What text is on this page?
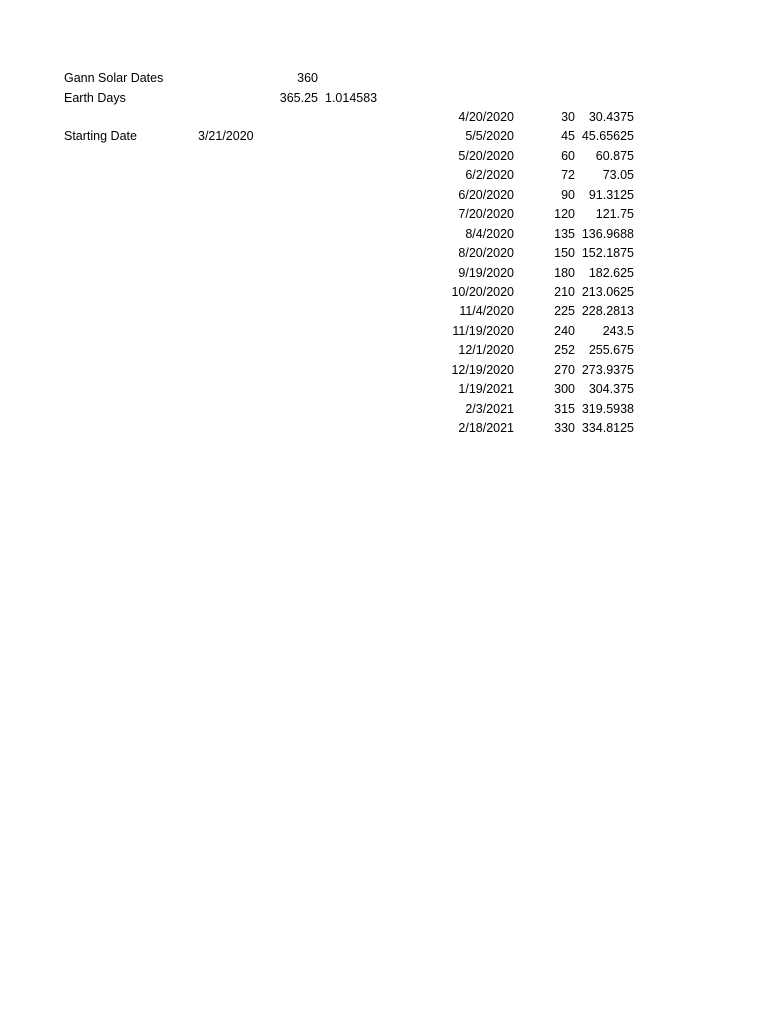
Gann Solar Dates	360
Earth Days	365.25 1.014583
Starting Date	3/21/2020
4/20/2020	30	30.4375
5/5/2020	45 45.65625
5/20/2020	60	60.875
6/2/2020	72	73.05
6/20/2020	90	91.3125
7/20/2020	120	121.75
8/4/2020	135 136.9688
8/20/2020	150 152.1875
9/19/2020	180	182.625
10/20/2020	210 213.0625
11/4/2020	225 228.2813
11/19/2020	240	243.5
12/1/2020	252	255.675
12/19/2020	270 273.9375
1/19/2021	300	304.375
2/3/2021	315 319.5938
2/18/2021	330 334.8125
